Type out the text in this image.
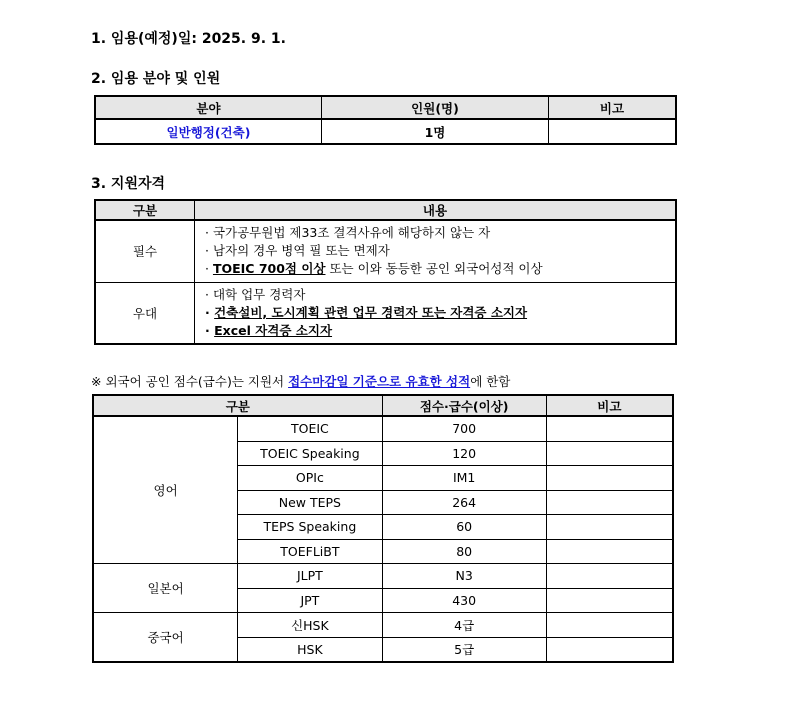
1. 임용(예정)일: 2025. 9. 1.
2. 임용 분야 및 인원
분야	인원(명)	비고
일반행정(건축)	1명	
3. 지원자격
구분	내용
필수	· 국가공무원법 제33조 결격사유에 해당하지 않는 자
· 남자의 경우 병역 필 또는 면제자
· TOEIC 700점 이상 또는 이와 동등한 공인 외국어성적 이상

우대	· 대학 업무 경력자
· 건축설비, 도시계획 관련 업무 경력자 또는 자격증 소지자
· Excel 자격증 소지자
※ 외국어 공인 점수(급수)는 지원서 접수마감일 기준으로 유효한 성적에 한함
구분		점수·급수(이상)	비고
영어	TOEIC	700	
	TOEIC Speaking	120	
	OPIc	IM1	
	New TEPS	264	
	TEPS Speaking	60	
	TOEFLiBT	80	
일본어	JLPT	N3	
	JPT	430	
중국어	신HSK	4급	
	HSK	5급	
